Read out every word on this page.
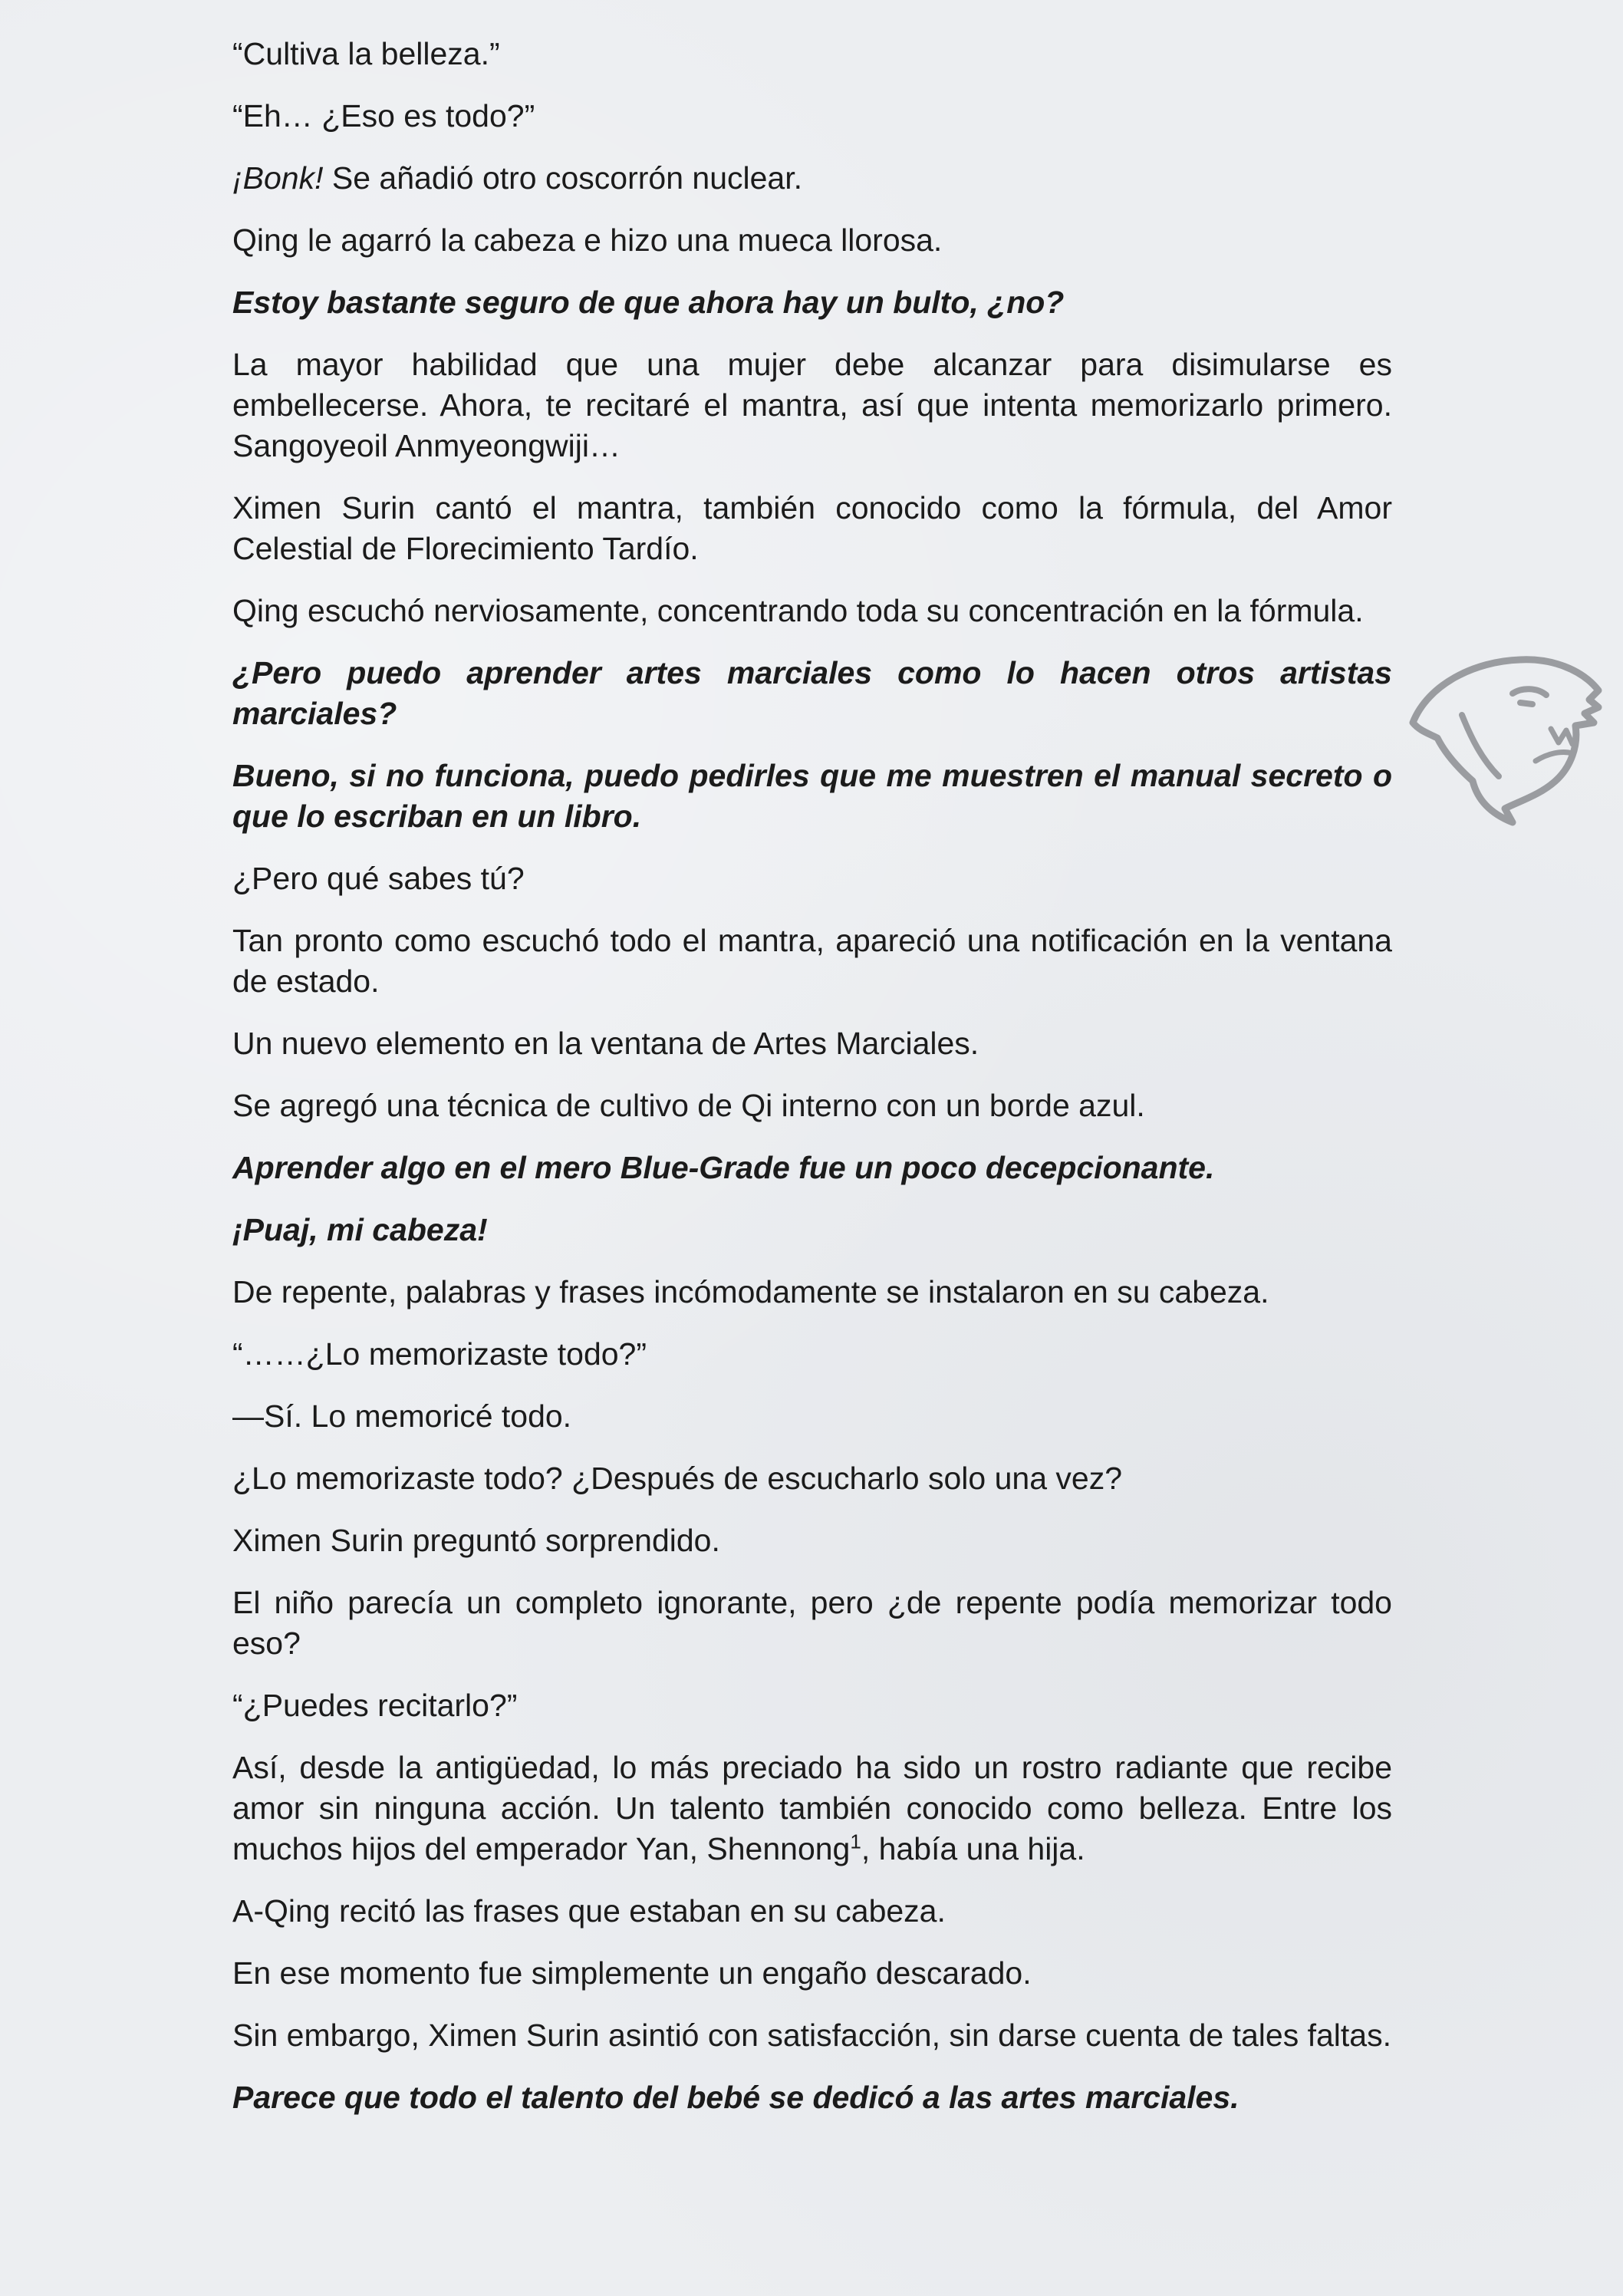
“Cultiva la belleza.”

“Eh… ¿Eso es todo?”

¡Bonk! Se añadió otro coscorrón nuclear.

Qing le agarró la cabeza e hizo una mueca llorosa.

Estoy bastante seguro de que ahora hay un bulto, ¿no?

La mayor habilidad que una mujer debe alcanzar para disimularse es embellecerse. Ahora, te recitaré el mantra, así que intenta memorizarlo primero. Sangoyeoil Anmyeongwiji…

Ximen Surin cantó el mantra, también conocido como la fórmula, del Amor Celestial de Florecimiento Tardío.

Qing escuchó nerviosamente, concentrando toda su concentración en la fórmula.

¿Pero puedo aprender artes marciales como lo hacen otros artistas marciales?

Bueno, si no funciona, puedo pedirles que me muestren el manual secreto o que lo escriban en un libro.

¿Pero qué sabes tú?

Tan pronto como escuchó todo el mantra, apareció una notificación en la ventana de estado.

Un nuevo elemento en la ventana de Artes Marciales.

Se agregó una técnica de cultivo de Qi interno con un borde azul.

Aprender algo en el mero Blue-Grade fue un poco decepcionante.

¡Puaj, mi cabeza!

De repente, palabras y frases incómodamente se instalaron en su cabeza.

“……¿Lo memorizaste todo?”

—Sí. Lo memoricé todo.

¿Lo memorizaste todo? ¿Después de escucharlo solo una vez?

Ximen Surin preguntó sorprendido.

El niño parecía un completo ignorante, pero ¿de repente podía memorizar todo eso?

“¿Puedes recitarlo?”

Así, desde la antigüedad, lo más preciado ha sido un rostro radiante que recibe amor sin ninguna acción. Un talento también conocido como belleza. Entre los muchos hijos del emperador Yan, Shennong$^1$, había una hija.

A-Qing recitó las frases que estaban en su cabeza.

En ese momento fue simplemente un engaño descarado.

Sin embargo, Ximen Surin asintió con satisfacción, sin darse cuenta de tales faltas.

Parece que todo el talento del bebé se dedicó a las artes marciales.
